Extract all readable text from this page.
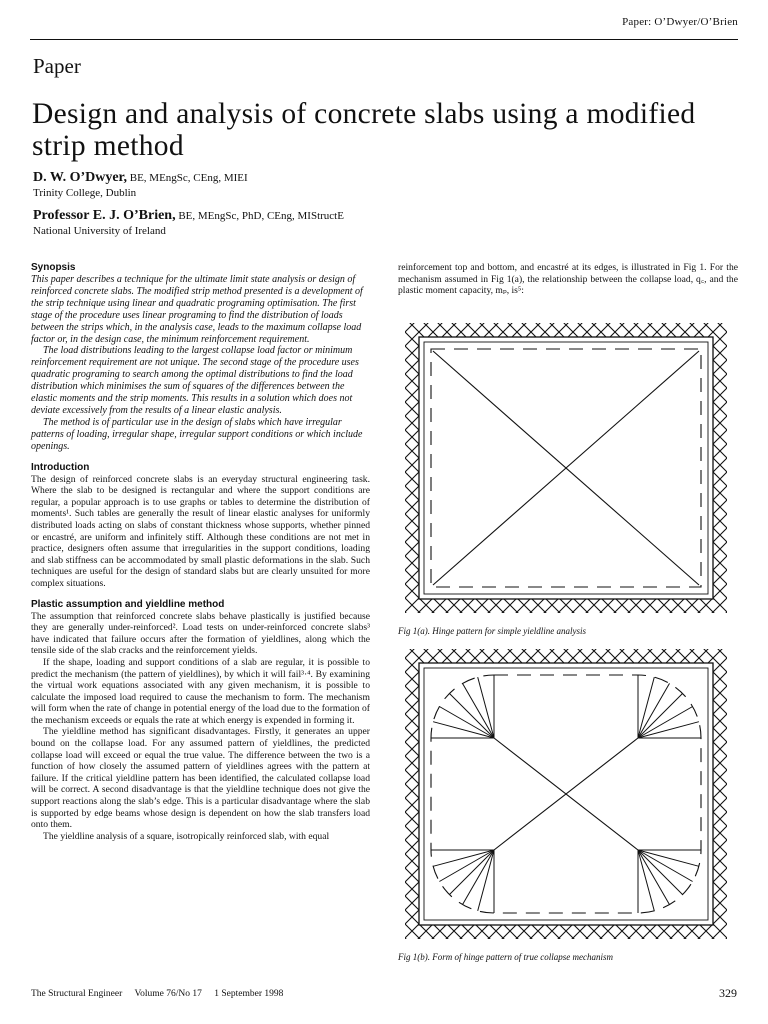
Paper: O’Dwyer/O’Brien
Paper
Design and analysis of concrete slabs using a modified strip method
D. W. O’Dwyer, BE, MEngSc, CEng, MIEI
Trinity College, Dublin
Professor E. J. O’Brien, BE, MEngSc, PhD, CEng, MIStructE
National University of Ireland
Synopsis

This paper describes a technique for the ultimate limit state analysis or design of reinforced concrete slabs. The modified strip method presented is a development of the strip technique using linear and quadratic programing optimisation. The first stage of the procedure uses linear programing to find the distribution of loads between the strips which, in the analysis case, leads to the maximum collapse load factor or, in the design case, the minimum reinforcement requirement.

The load distributions leading to the largest collapse load factor or minimum reinforcement requirement are not unique. The second stage of the procedure uses quadratic programing to search among the optimal distributions to find the load distribution which minimises the sum of squares of the differences between the elastic moments and the strip moments. This results in a solution which does not deviate excessively from the results of a linear elastic analysis.

The method is of particular use in the design of slabs which have irregular patterns of loading, irregular shape, irregular support conditions or which include openings.

Introduction

The design of reinforced concrete slabs is an everyday structural engineering task. Where the slab to be designed is rectangular and where the support conditions are regular, a popular approach is to use graphs or tables to determine the distribution of moments¹. Such tables are generally the result of linear elastic analyses for uniformly distributed loads acting on slabs of constant thickness whose supports, whether pinned or encastré, are uniform and infinitely stiff. Although these conditions are not met in practice, designers often assume that irregularities in the support conditions, loading and slab stiffness can be accommodated by small plastic deformations in the slab. Such techniques are useful for the design of standard slabs but are clearly unsuited for more complex situations.

Plastic assumption and yieldline method

The assumption that reinforced concrete slabs behave plastically is justified because they are generally under-reinforced². Load tests on under-reinforced concrete slabs³ have indicated that failure occurs after the formation of yieldlines, along which the tensile side of the slab cracks and the reinforcement yields.

If the shape, loading and support conditions of a slab are regular, it is possible to predict the mechanism (the pattern of yieldlines), by which it will fail³·⁴. By examining the virtual work equations associated with any given mechanism, it is possible to calculate the imposed load required to cause the mechanism to form. The mechanism will form when the rate of change in potential energy of the load due to the formation of the mechanism exceeds or equals the rate at which energy is expended in forming it.

The yieldline method has significant disadvantages. Firstly, it generates an upper bound on the collapse load. For any assumed pattern of yieldlines, the predicted collapse load will exceed or equal the true value. The difference between the two is a function of how closely the assumed pattern of yieldlines agrees with the pattern at failure. If the critical yieldline pattern has been identified, the calculated collapse load will be correct. A second disadvantage is that the yieldline technique does not give the support reactions along the slab’s edge. This is a particular disadvantage where the slab is supported by edge beams whose design is dependent on how the slab transfers load onto them.

The yieldline analysis of a square, isotropically reinforced slab, with equal

reinforcement top and bottom, and encastré at its edges, is illustrated in Fig 1. For the mechanism assumed in Fig 1(a), the relationship between the collapse load, q꜀, and the plastic moment capacity, mₚ, is⁵:

Fig 1(a). Hinge pattern for simple yieldline analysis
Fig 1(b). Form of hinge pattern of true collapse mechanism
The Structural Engineer Volume 76/No 17 1 September 1998	329
